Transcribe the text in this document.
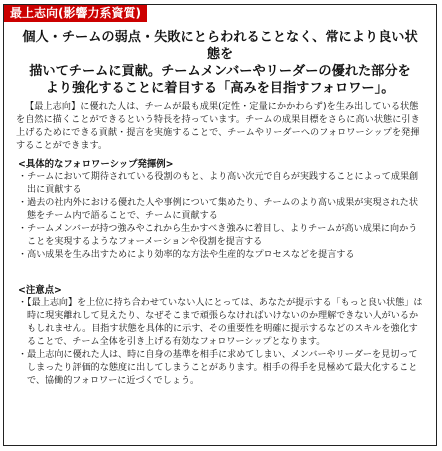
最上志向(影響力系資質)
個人・チームの弱点・失敗にとらわれることなく、常により良い状態を
描いてチームに貢献。チームメンバーやリーダーの優れた部分を
より強化することに着目する「高みを目指すフォロワー」。
【最上志向】に優れた人は、チームが最も成果(定性・定量にかかわらず)を生み出している状態を自然に描くことができるという特長を持っています。チームの成果目標をさらに高い状態に引き上げるためにできる貢献・提言を実施することで、チームやリーダーへのフォロワーシップを発揮することができます。
<具体的なフォロワーシップ発揮例>
・チームにおいて期待されている役割のもと、より高い次元で自らが実践することによって成果創出に貢献する
・過去の社内外における優れた人や事例について集めたり、チームのより高い成果が実現された状態をチーム内で語ることで、チームに貢献する
・チームメンバーが持つ強みやこれから生かすべき強みに着目し、よりチームが高い成果に向かうことを実現するようなフォーメーションや役割を提言する
・高い成果を生み出すためにより効率的な方法や生産的なプロセスなどを提言する
<注意点>
・【最上志向】を上位に持ち合わせていない人にとっては、あなたが提示する「もっと良い状態」は時に現実離れして見えたり、なぜそこまで頑張らなければいけないのか理解できない人がいるかもしれません。目指す状態を具体的に示す、その重要性を明確に提示するなどのスキルを強化することで、チーム全体を引き上げる有効なフォロワーシップとなります。
・最上志向に優れた人は、時に自身の基準を相手に求めてしまい、メンバーやリーダーを見切ってしまったり評価的な態度に出してしまうことがあります。相手の得手を見極めて最大化することで、協働的フォロワーに近づくでしょう。
